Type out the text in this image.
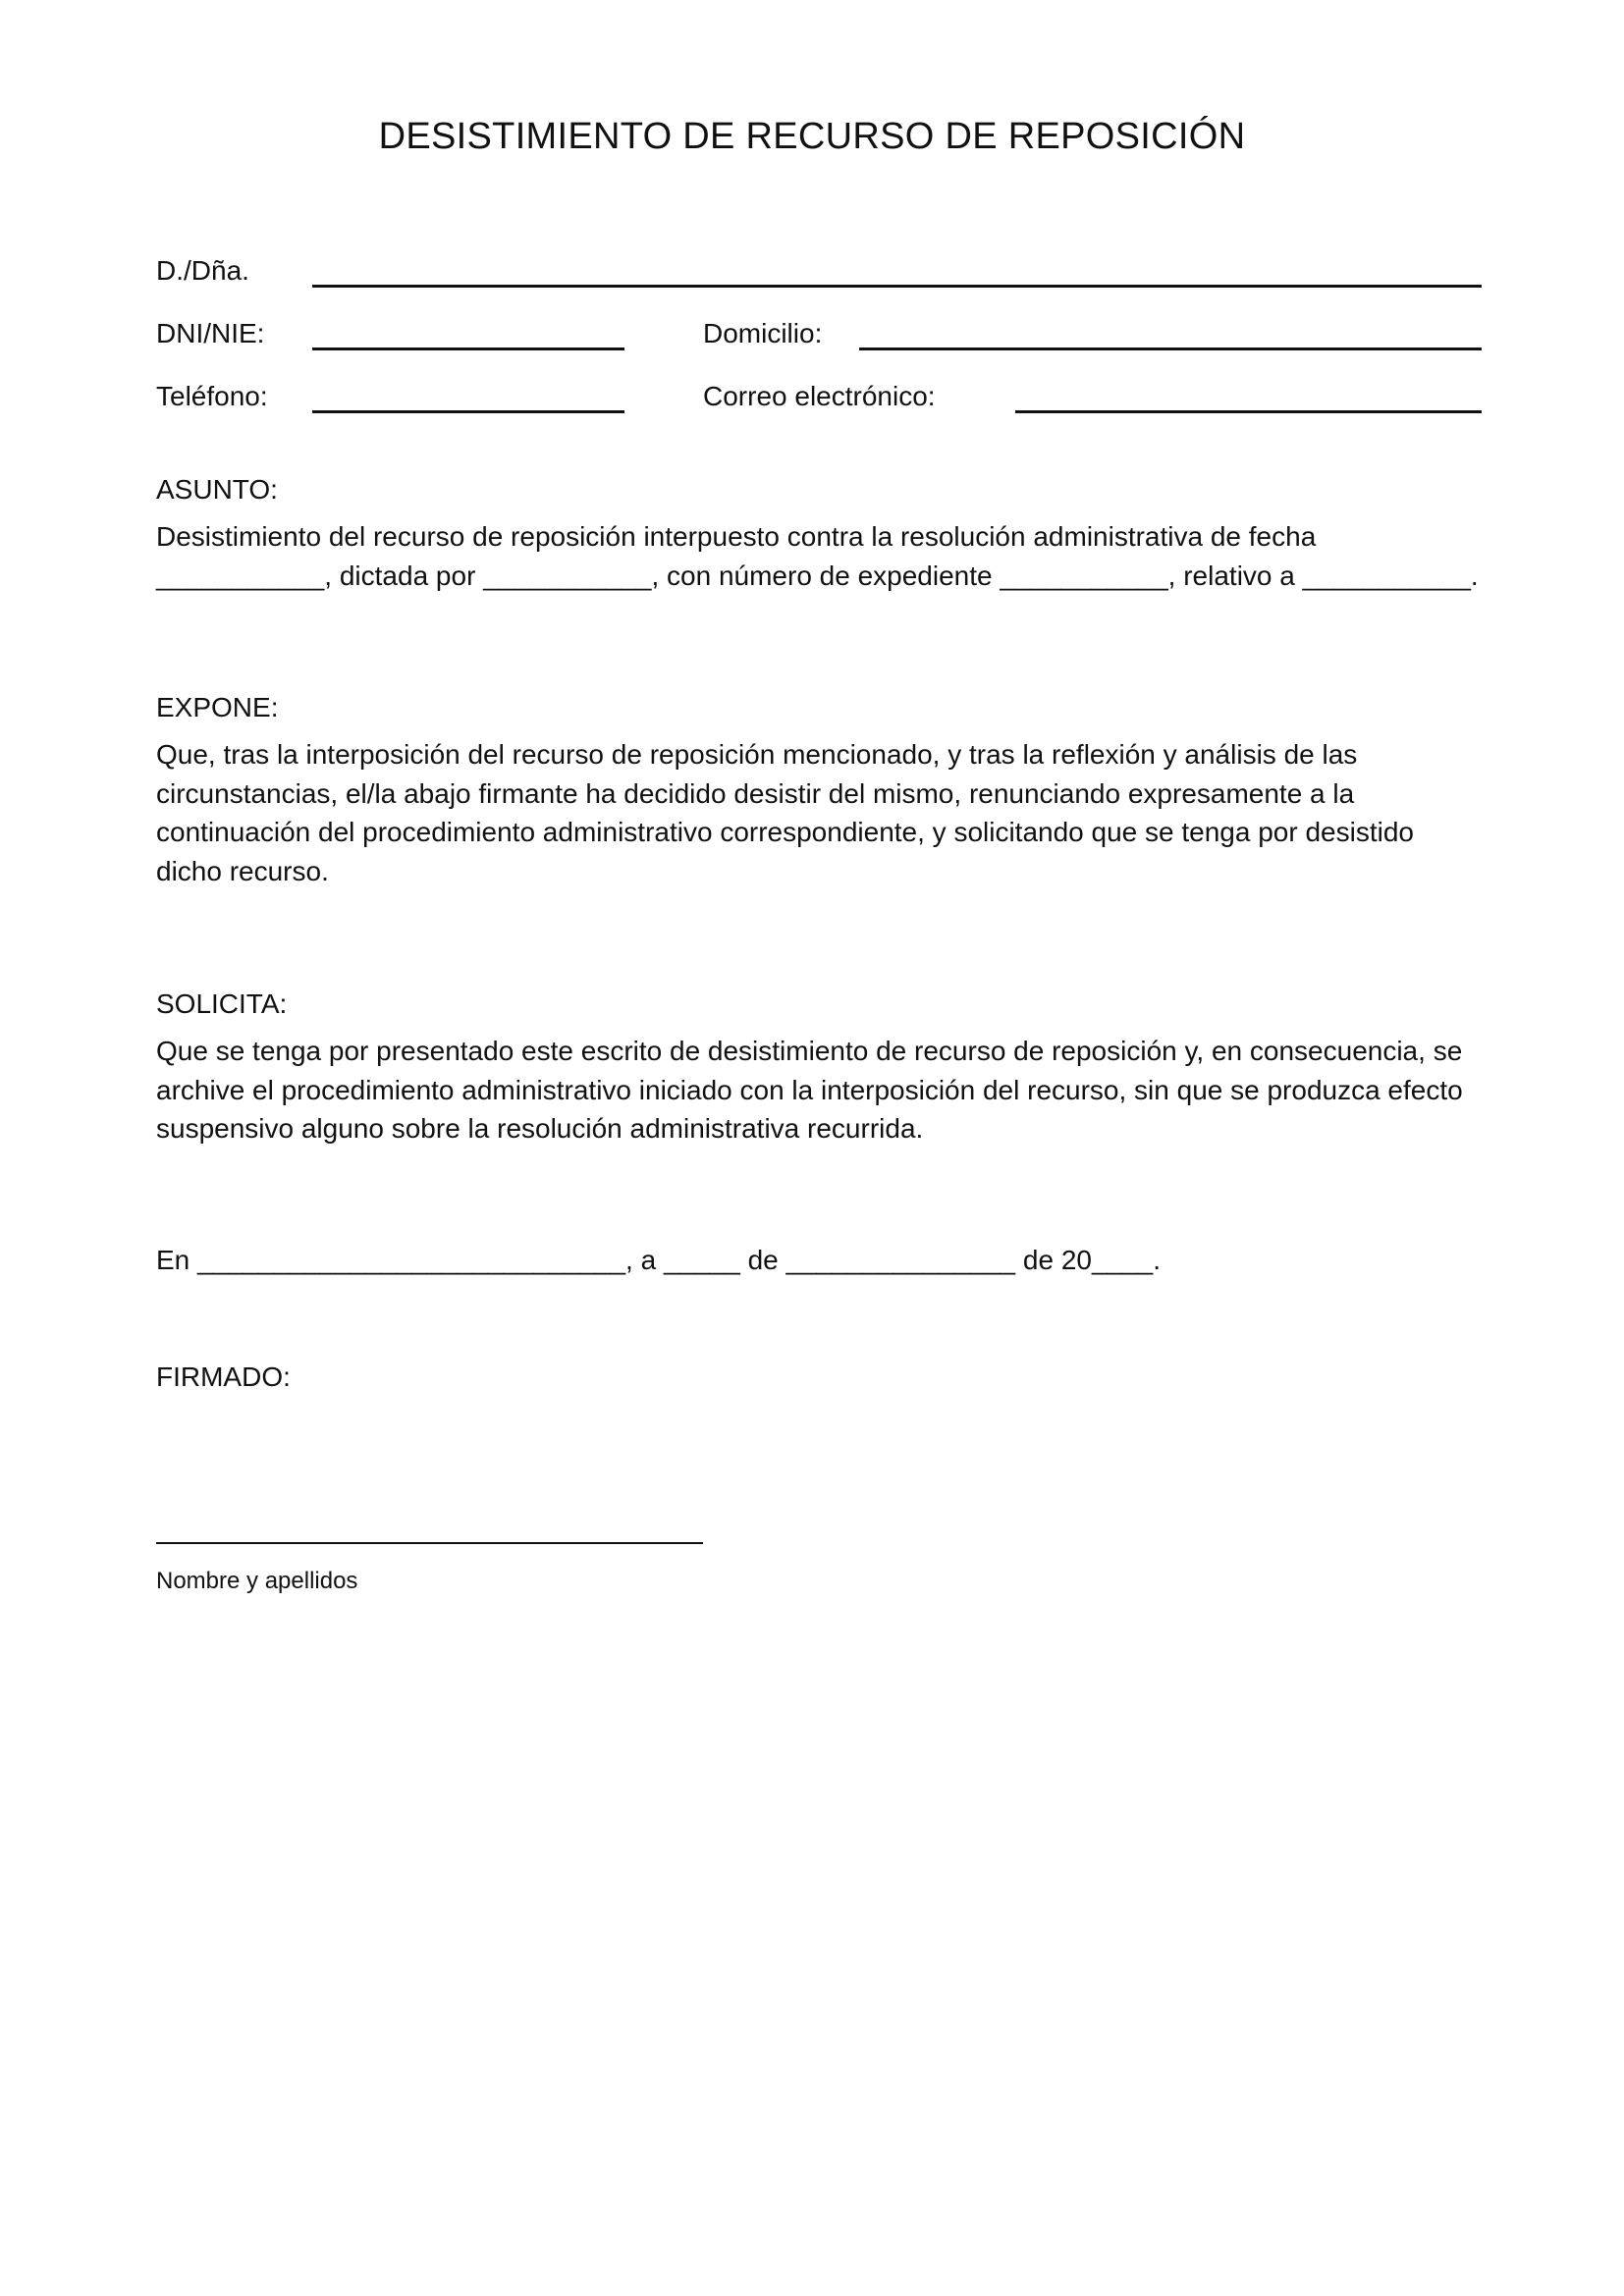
DESISTIMIENTO DE RECURSO DE REPOSICIÓN
D./Dña.
DNI/NIE:	Domicilio:
Teléfono:	Correo electrónico:
ASUNTO:
Desistimiento del recurso de reposición interpuesto contra la resolución administrativa de fecha
___________, dictada por ___________, con número de expediente ___________, relativo a ___________.
EXPONE:
Que, tras la interposición del recurso de reposición mencionado, y tras la reflexión y análisis de las
circunstancias, el/la abajo firmante ha decidido desistir del mismo, renunciando expresamente a la
continuación del procedimiento administrativo correspondiente, y solicitando que se tenga por desistido
dicho recurso.
SOLICITA:
Que se tenga por presentado este escrito de desistimiento de recurso de reposición y, en consecuencia, se
archive el procedimiento administrativo iniciado con la interposición del recurso, sin que se produzca efecto
suspensivo alguno sobre la resolución administrativa recurrida.
En ____________________________, a _____ de _______________ de 20____.
FIRMADO:
Nombre y apellidos
